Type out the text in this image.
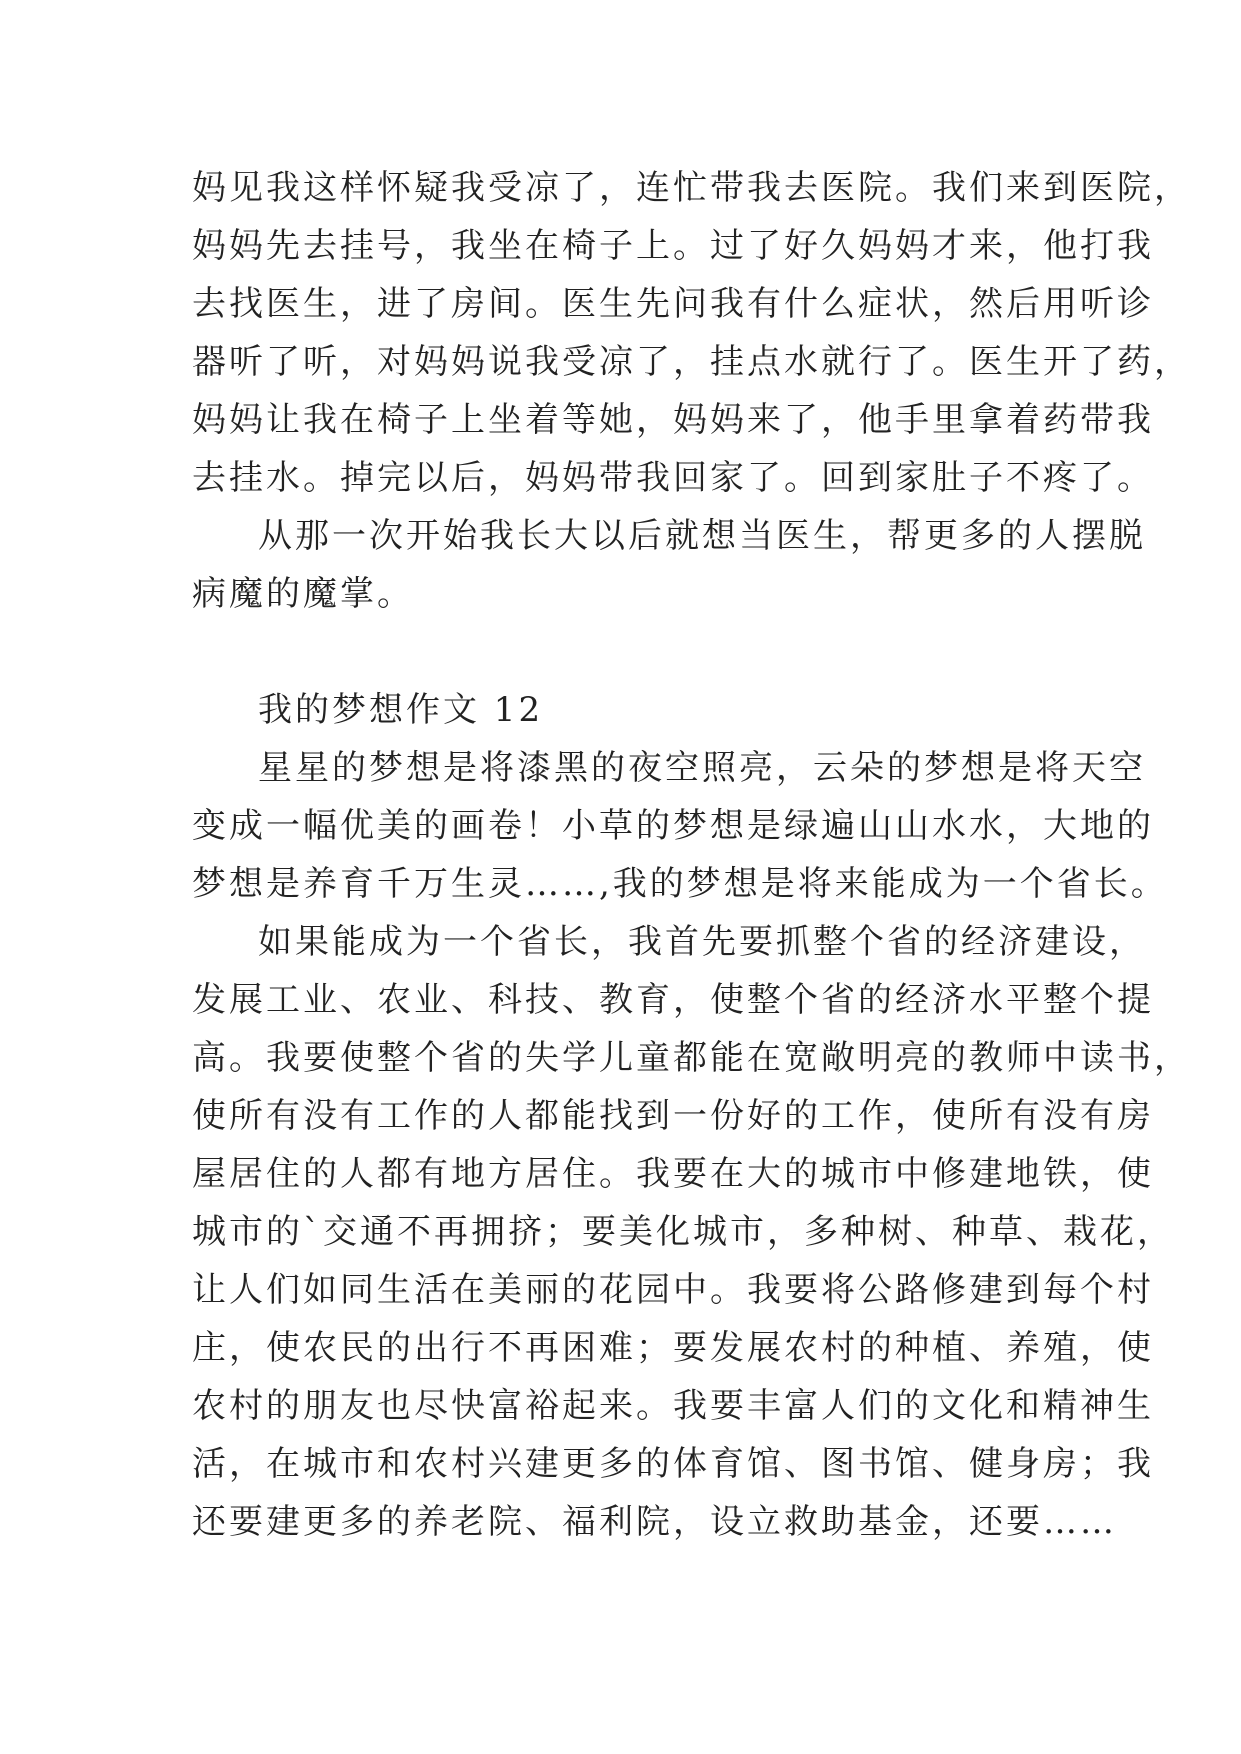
妈见我这样怀疑我受凉了，连忙带我去医院。我们来到医院，
妈妈先去挂号，我坐在椅子上。过了好久妈妈才来，他打我
去找医生，进了房间。医生先问我有什么症状，然后用听诊
器听了听，对妈妈说我受凉了，挂点水就行了。医生开了药，
妈妈让我在椅子上坐着等她，妈妈来了，他手里拿着药带我
去挂水。掉完以后，妈妈带我回家了。回到家肚子不疼了。
从那一次开始我长大以后就想当医生，帮更多的人摆脱
病魔的魔掌。
我的梦想作文 12
星星的梦想是将漆黑的夜空照亮，云朵的梦想是将天空
变成一幅优美的画卷！小草的梦想是绿遍山山水水，大地的
梦想是养育千万生灵……,我的梦想是将来能成为一个省长。
如果能成为一个省长，我首先要抓整个省的经济建设，
发展工业、农业、科技、教育，使整个省的经济水平整个提
高。我要使整个省的失学儿童都能在宽敞明亮的教师中读书，
使所有没有工作的人都能找到一份好的工作，使所有没有房
屋居住的人都有地方居住。我要在大的城市中修建地铁，使
城市的`交通不再拥挤；要美化城市，多种树、种草、栽花，
让人们如同生活在美丽的花园中。我要将公路修建到每个村
庄，使农民的出行不再困难；要发展农村的种植、养殖，使
农村的朋友也尽快富裕起来。我要丰富人们的文化和精神生
活，在城市和农村兴建更多的体育馆、图书馆、健身房；我
还要建更多的养老院、福利院，设立救助基金，还要……
